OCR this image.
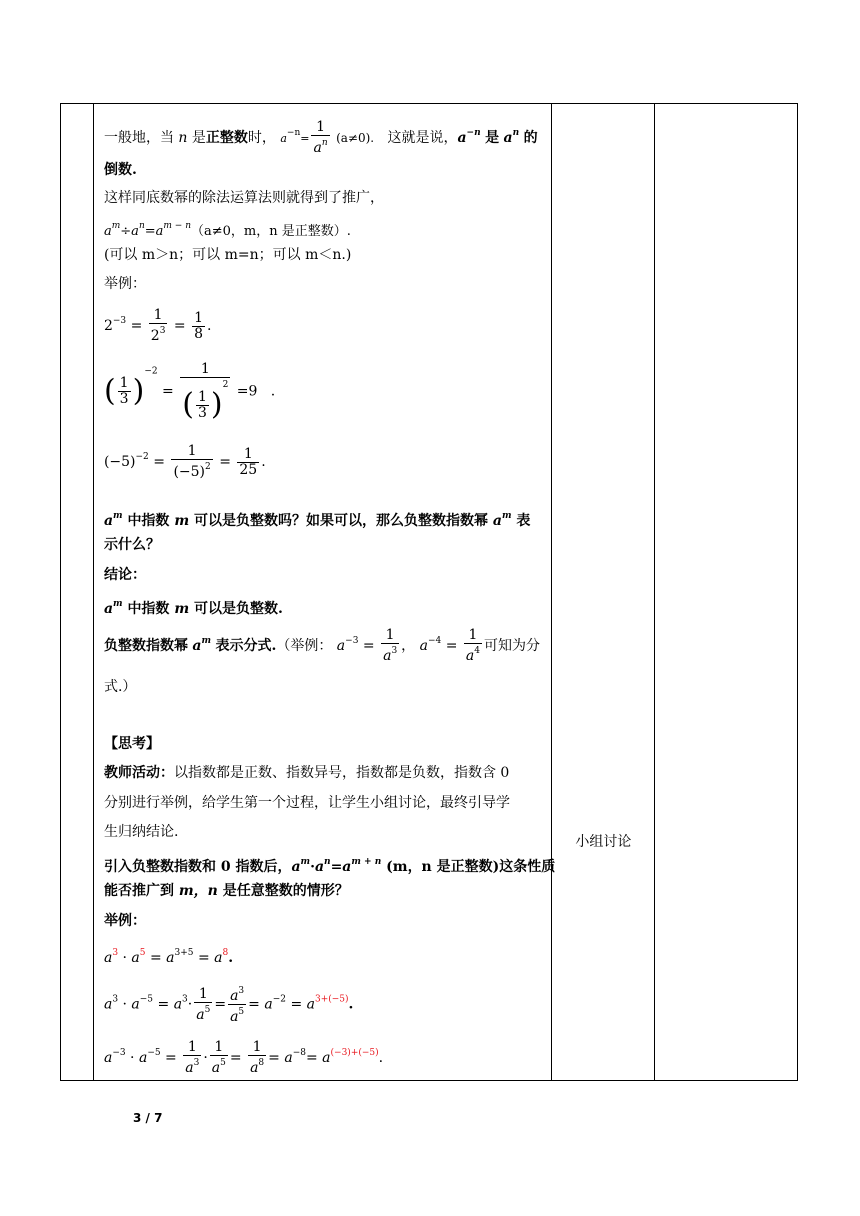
一般地，当 n 是正整数时， $a^{-n}= \frac{1}{a^n} (a\ne 0)$. 这就是说，$a^{-n}$ 是 $a^n$ 的
倒数.
这样同底数幂的除法运算法则就得到了推广，
$a^m\div a^n=a^{m - n}(a\ne 0$，m，n 是正整数）.
(可以 m＞n；可以 m=n；可以 m＜n.)
举例：
$2^{-3} = \frac{1}{2^3} = \frac{1}{8}$ .
( $\frac{1}{3} )^{-2} = \frac{1}{( \frac{1}{3} )^2} =9$ .
$(-5)^{-2} = \frac{1}{(-5)^2} = \frac{1}{25}$ .
$a^m$ 中指数 m 可以是负整数吗？如果可以，那么负整数指数幂 $a^m$ 表
示什么？
结论：
$a^m$ 中指数 m 可以是负整数.
负整数指数幂 $a^m$ 表示分式.（举例： $a^{-3} = \frac{1}{a^3}$ ， $a^{-4} = \frac{1}{a^4}$ 可知为分
式.）
【思考】
教师活动：以指数都是正数、指数异号，指数都是负数，指数含 0
分别进行举例，给学生第一个过程，让学生小组讨论，最终引导学
生归纳结论.
引入负整数指数和 0 指数后，$a^m\cdot a^n=a^{m + n}$ (m，n 是正整数)这条性质
能否推广到 m，n 是任意整数的情形？
举例：
$a^3 \cdot a^5 = a^{3+5} = a^8$.
$a^3 \cdot a^{-5} = a^3\cdot \frac{1}{a^5} = \frac{a^3}{a^5} = a^{-2} = a^{3+(-5)}$.
$a^{-3} \cdot a^{-5} = \frac{1}{a^3} \cdot \frac{1}{a^5} = \frac{1}{a^8} = a^{-8}= a^{(-3)+(-5)}$.

小组讨论

3 / 7
